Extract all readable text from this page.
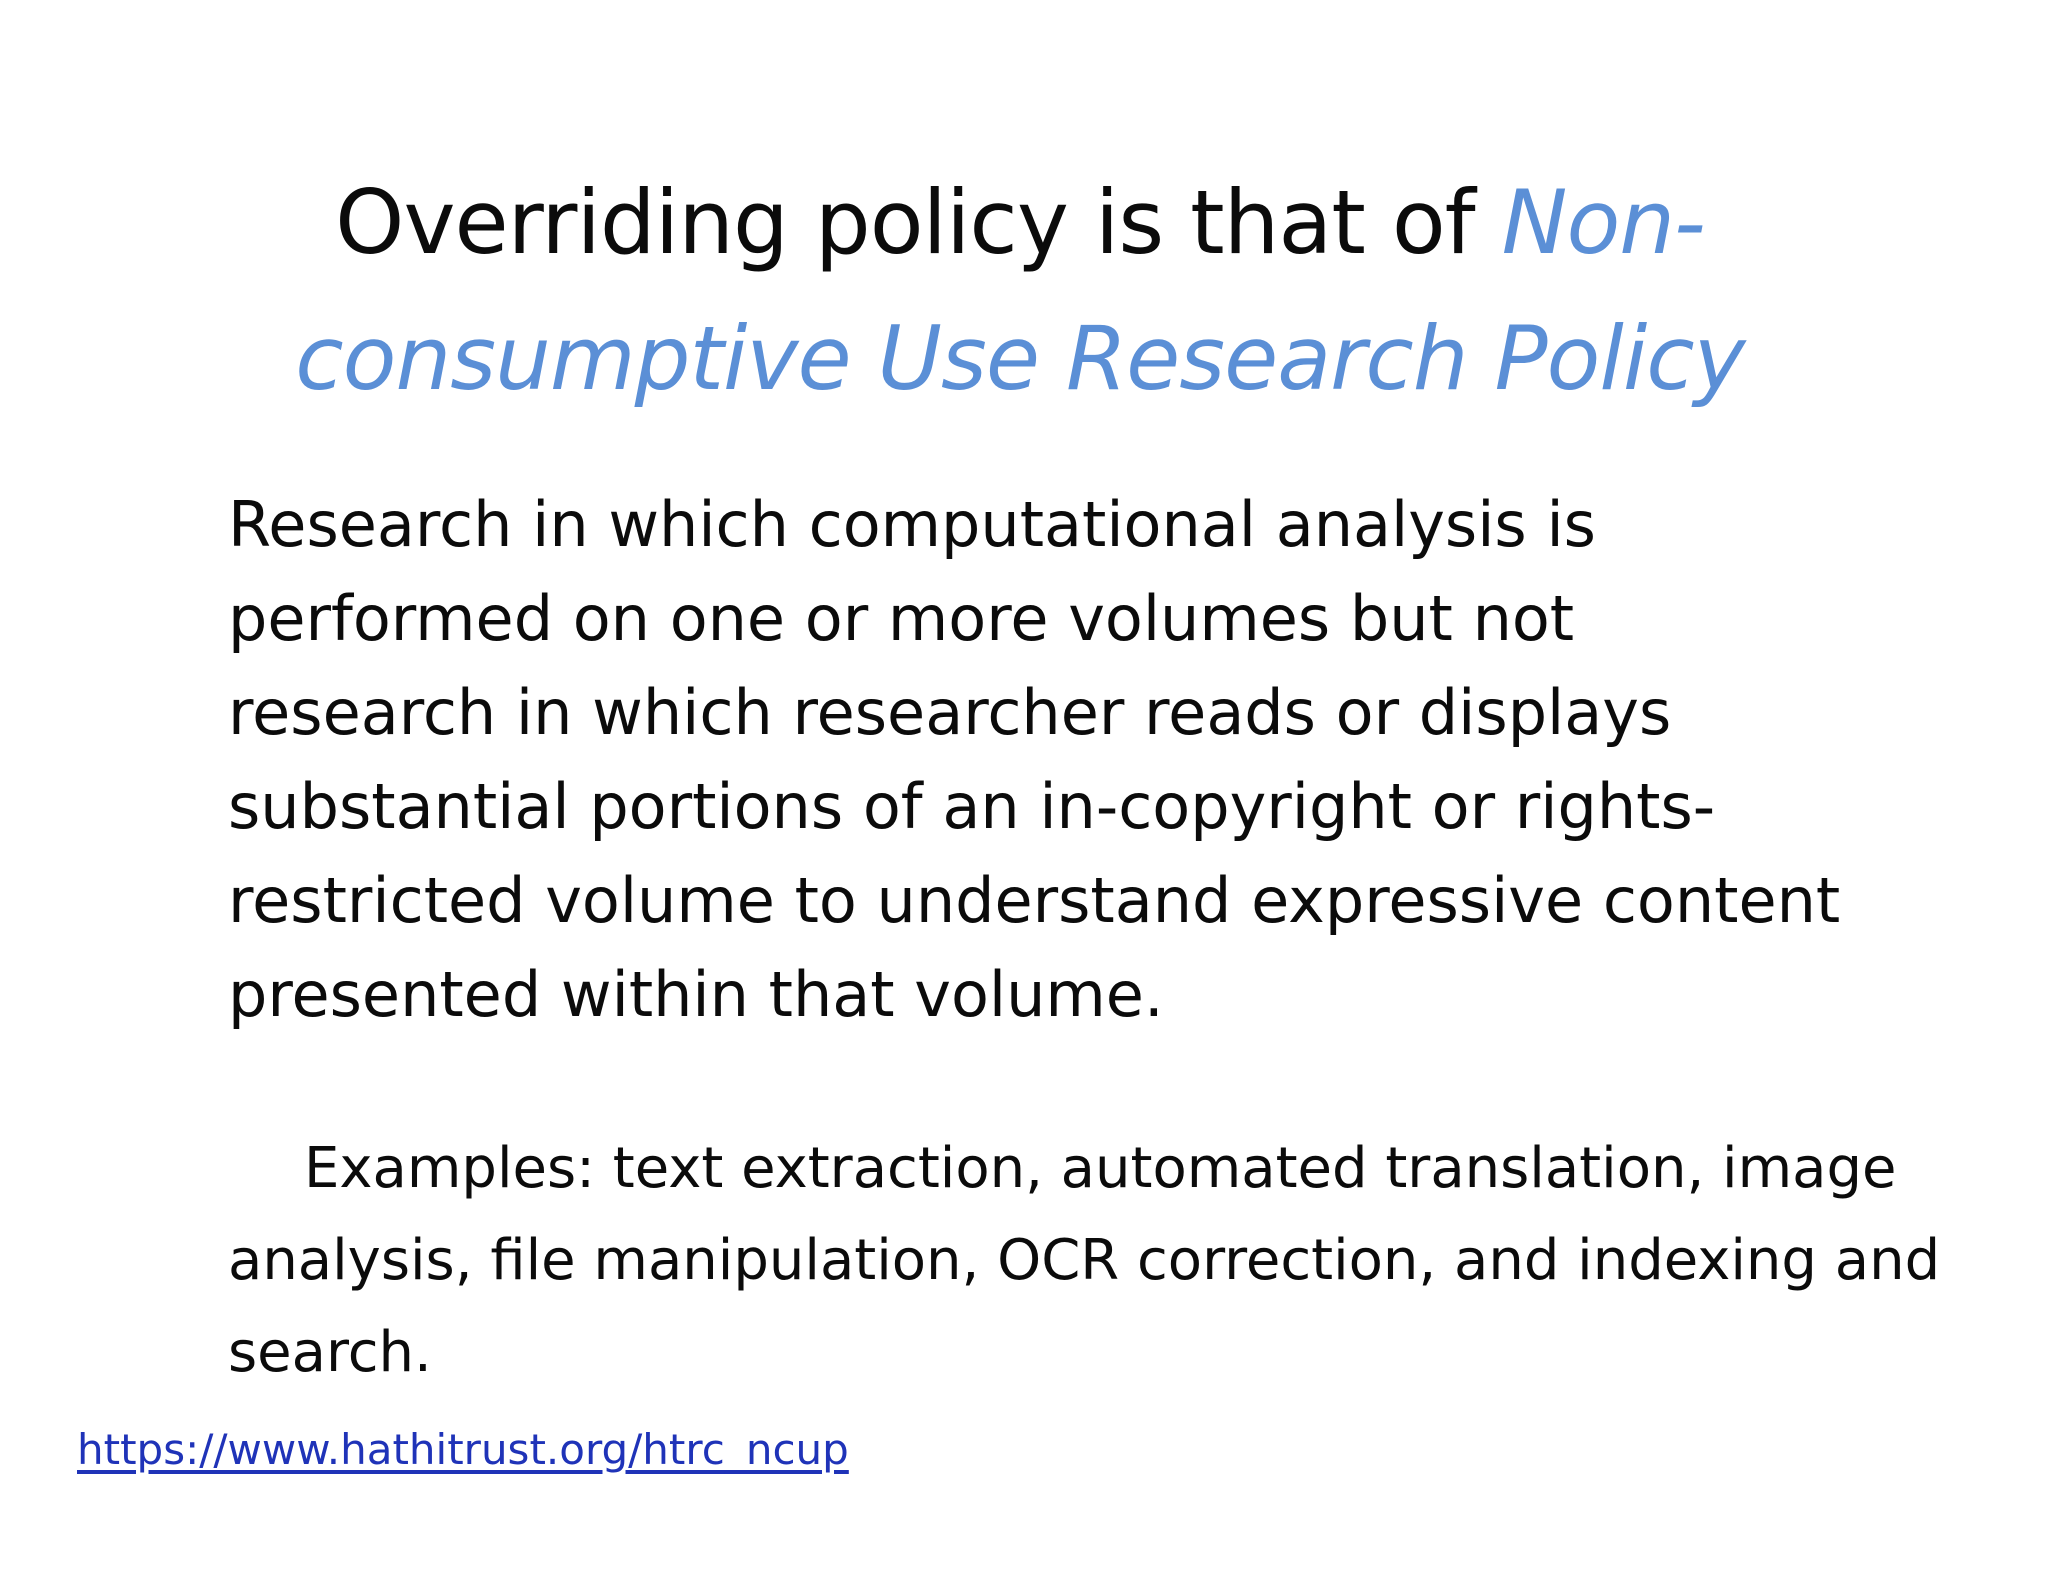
Overriding policy is that of Non-
consumptive Use Research Policy
Research in which computational analysis is
performed on one or more volumes but not
research in which researcher reads or displays
substantial portions of an in-copyright or rights-
restricted volume to understand expressive content
presented within that volume.
Examples: text extraction, automated translation, image
analysis, file manipulation, OCR correction, and indexing and
search.
https://www.hathitrust.org/htrc_ncup
